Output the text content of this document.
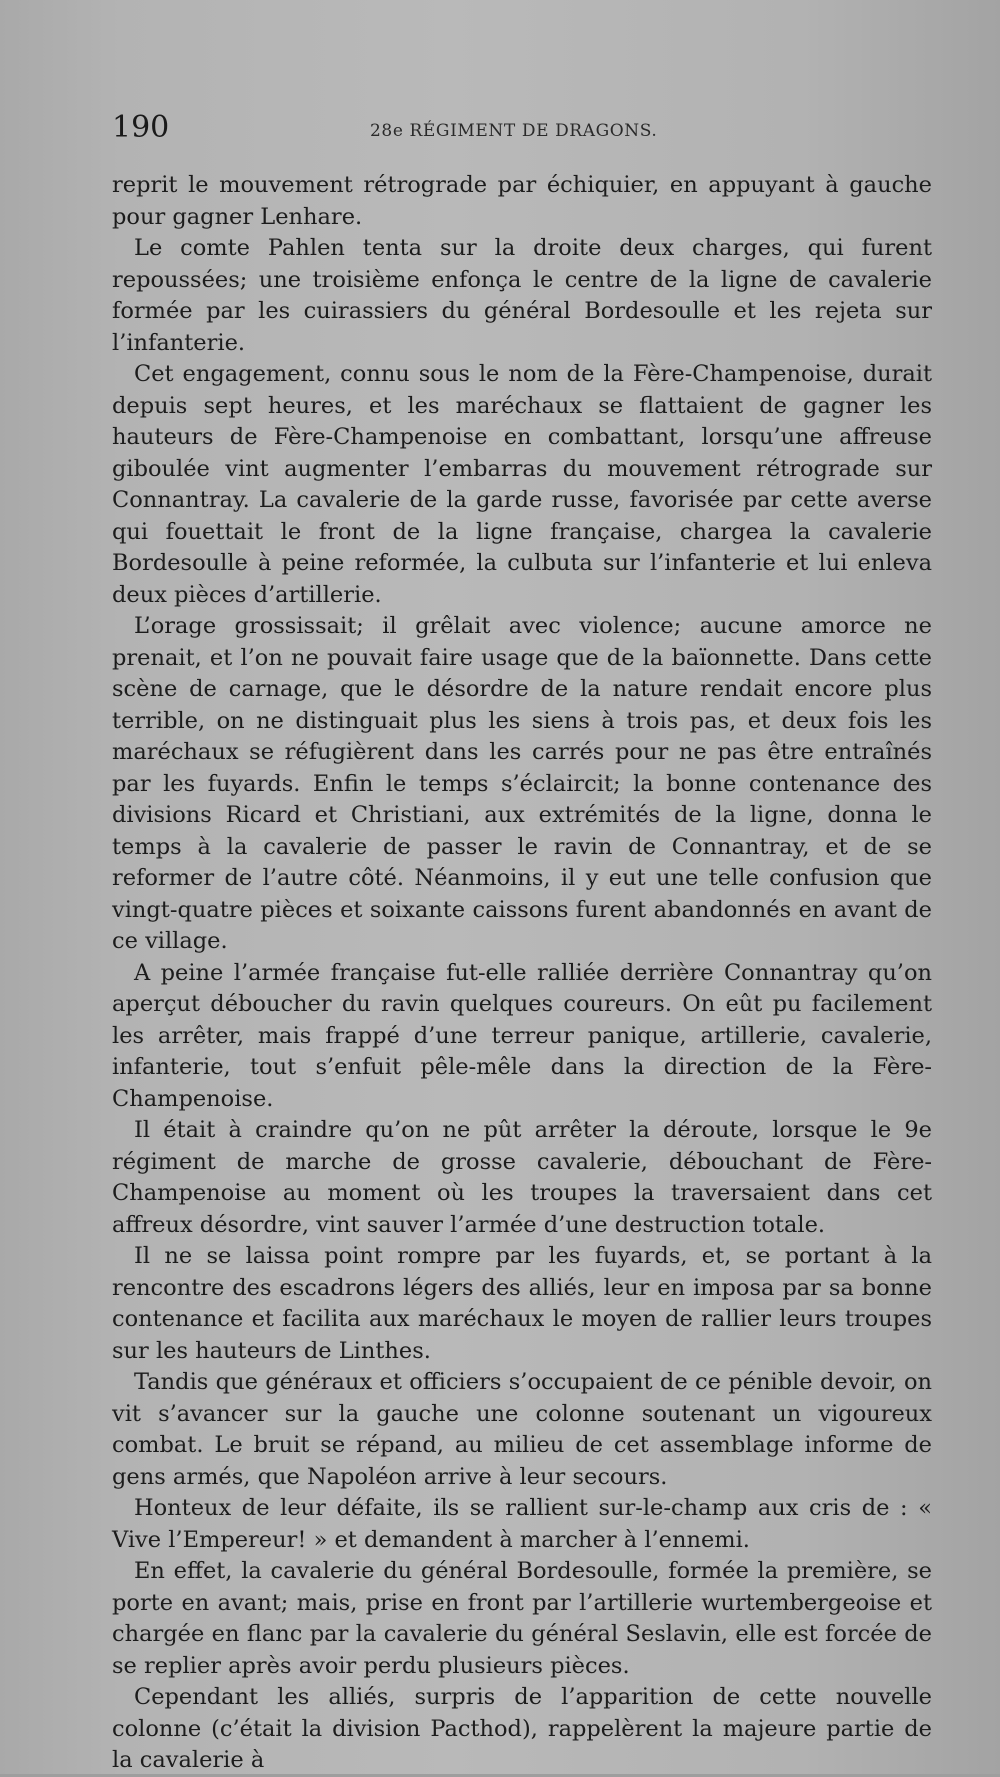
190	28e RÉGIMENT DE DRAGONS.

reprit le mouvement rétrograde par échiquier, en appuyant à gauche pour gagner Lenhare.

Le comte Pahlen tenta sur la droite deux charges, qui furent repoussées; une troisième enfonça le centre de la ligne de cavalerie formée par les cuirassiers du général Bordesoulle et les rejeta sur l’infanterie.

Cet engagement, connu sous le nom de la Fère-Champenoise, durait depuis sept heures, et les maréchaux se flattaient de gagner les hauteurs de Fère-Champenoise en combattant, lorsqu’une affreuse giboulée vint augmenter l’embarras du mouvement rétrograde sur Connantray. La cavalerie de la garde russe, favorisée par cette averse qui fouettait le front de la ligne française, chargea la cavalerie Bordesoulle à peine reformée, la culbuta sur l’infanterie et lui enleva deux pièces d’artillerie.

L’orage grossissait; il grêlait avec violence; aucune amorce ne prenait, et l’on ne pouvait faire usage que de la baïonnette. Dans cette scène de carnage, que le désordre de la nature rendait encore plus terrible, on ne distinguait plus les siens à trois pas, et deux fois les maréchaux se réfugièrent dans les carrés pour ne pas être entraînés par les fuyards. Enfin le temps s’éclaircit; la bonne contenance des divisions Ricard et Christiani, aux extrémités de la ligne, donna le temps à la cavalerie de passer le ravin de Connantray, et de se reformer de l’autre côté. Néanmoins, il y eut une telle confusion que vingt-quatre pièces et soixante caissons furent abandonnés en avant de ce village.

A peine l’armée française fut-elle ralliée derrière Connantray qu’on aperçut déboucher du ravin quelques coureurs. On eût pu facilement les arrêter, mais frappé d’une terreur panique, artillerie, cavalerie, infanterie, tout s’enfuit pêle-mêle dans la direction de la Fère-Champenoise.

Il était à craindre qu’on ne pût arrêter la déroute, lorsque le 9e régiment de marche de grosse cavalerie, débouchant de Fère-Champenoise au moment où les troupes la traversaient dans cet affreux désordre, vint sauver l’armée d’une destruction totale.

Il ne se laissa point rompre par les fuyards, et, se portant à la rencontre des escadrons légers des alliés, leur en imposa par sa bonne contenance et facilita aux maréchaux le moyen de rallier leurs troupes sur les hauteurs de Linthes.

Tandis que généraux et officiers s’occupaient de ce pénible devoir, on vit s’avancer sur la gauche une colonne soutenant un vigoureux combat. Le bruit se répand, au milieu de cet assemblage informe de gens armés, que Napoléon arrive à leur secours.

Honteux de leur défaite, ils se rallient sur-le-champ aux cris de : « Vive l’Empereur! » et demandent à marcher à l’ennemi.

En effet, la cavalerie du général Bordesoulle, formée la première, se porte en avant; mais, prise en front par l’artillerie wurtembergeoise et chargée en flanc par la cavalerie du général Seslavin, elle est forcée de se replier après avoir perdu plusieurs pièces.

Cependant les alliés, surpris de l’apparition de cette nouvelle colonne (c’était la division Pacthod), rappelèrent la majeure partie de la cavalerie à
